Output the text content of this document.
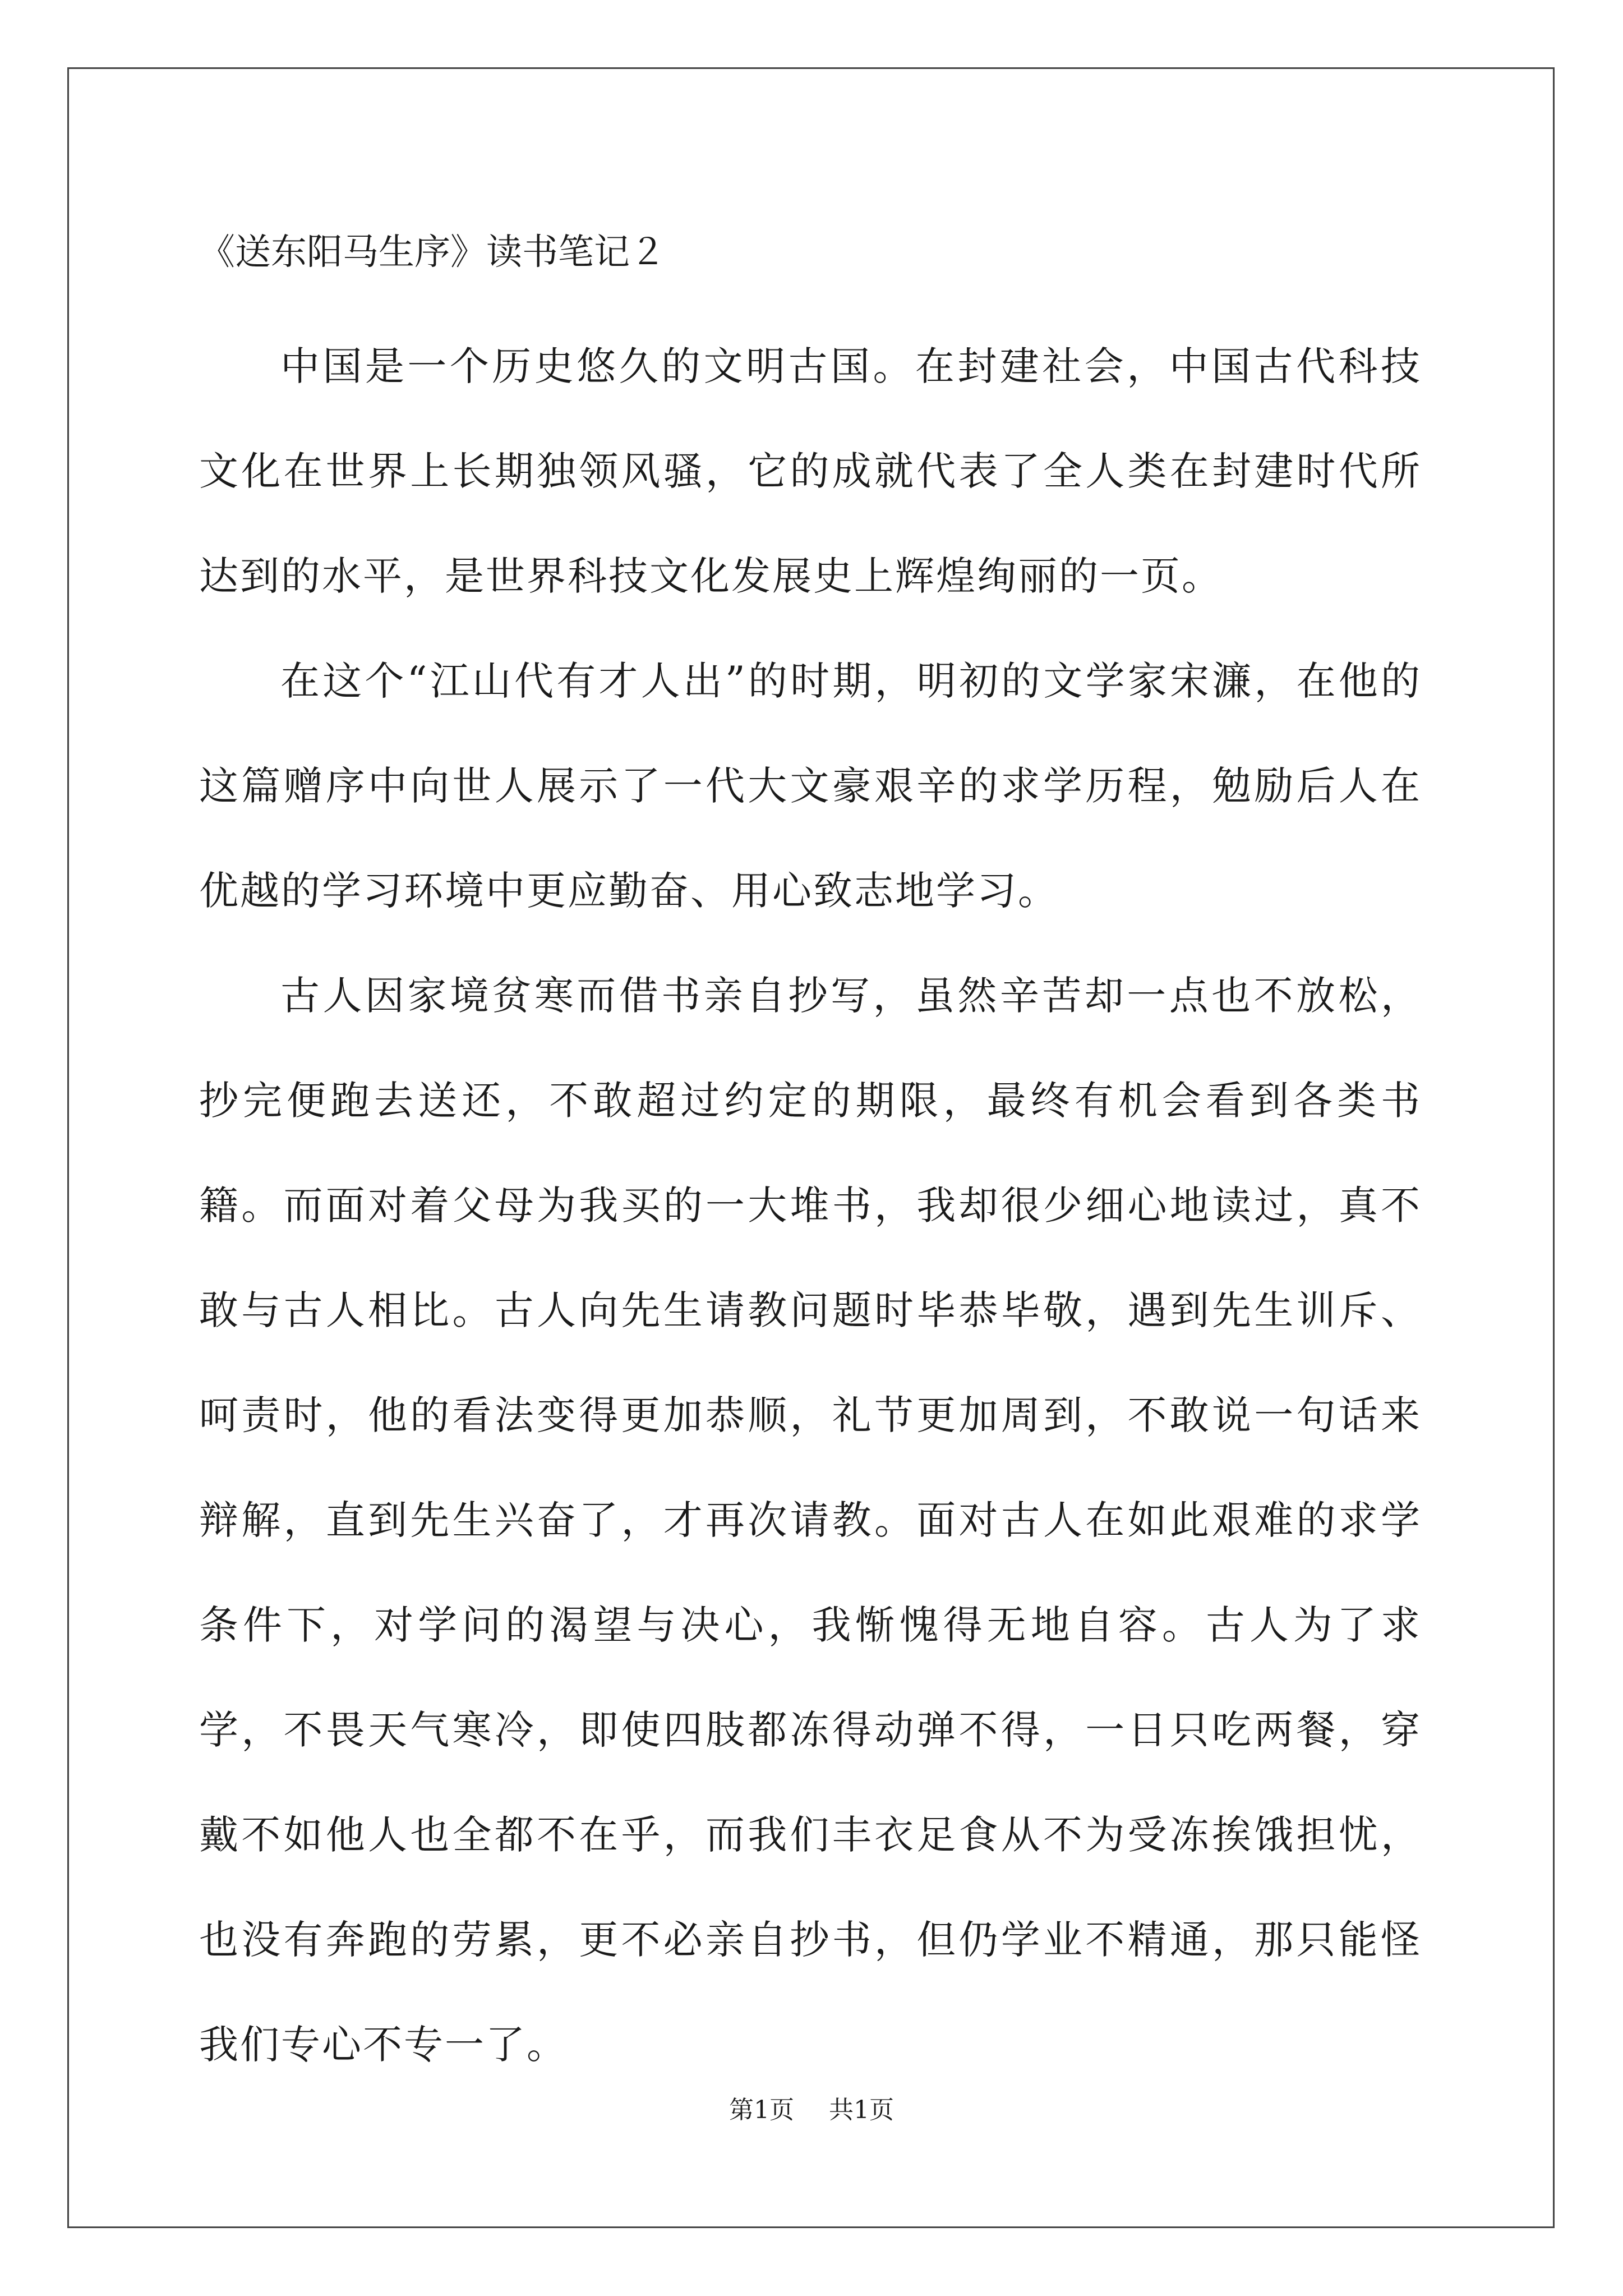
《送东阳马生序》读书笔记２

中国是一个历史悠久的文明古国。在封建社会，中国古代科技文化在世界上长期独领风骚，它的成就代表了全人类在封建时代所达到的水平，是世界科技文化发展史上辉煌绚丽的一页。

在这个“江山代有才人出”的时期，明初的文学家宋濂，在他的这篇赠序中向世人展示了一代大文豪艰辛的求学历程，勉励后人在优越的学习环境中更应勤奋、用心致志地学习。

古人因家境贫寒而借书亲自抄写，虽然辛苦却一点也不放松，抄完便跑去送还，不敢超过约定的期限，最终有机会看到各类书籍。而面对着父母为我买的一大堆书，我却很少细心地读过，真不敢与古人相比。古人向先生请教问题时毕恭毕敬，遇到先生训斥、呵责时，他的看法变得更加恭顺，礼节更加周到，不敢说一句话来辩解，直到先生兴奋了，才再次请教。面对古人在如此艰难的求学条件下，对学问的渴望与决心，我惭愧得无地自容。古人为了求学，不畏天气寒冷，即使四肢都冻得动弹不得，一日只吃两餐，穿戴不如他人也全都不在乎，而我们丰衣足食从不为受冻挨饿担忧，也没有奔跑的劳累，更不必亲自抄书，但仍学业不精通，那只能怪我们专心不专一了。

第1页 共1页
